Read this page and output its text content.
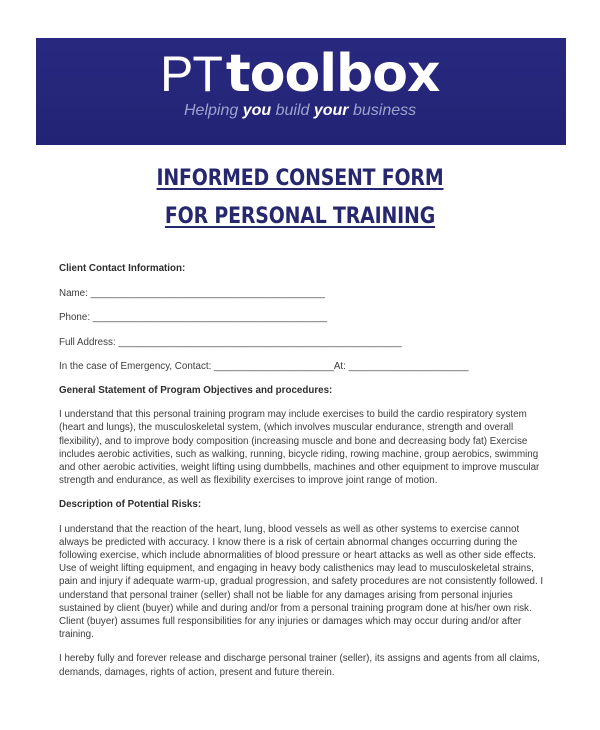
PTtoolbox
Helping you build your business
INFORMED CONSENT FORM
FOR PERSONAL TRAINING

Client Contact Information:

Name: ___________________________________________

Phone: ___________________________________________

Full Address: ____________________________________________________

In the case of Emergency, Contact: ______________________At: ______________________

General Statement of Program Objectives and procedures:

I understand that this personal training program may include exercises to build the cardio respiratory system (heart and lungs), the musculoskeletal system, (which involves muscular endurance, strength and overall flexibility), and to improve body composition (increasing muscle and bone and decreasing body fat) Exercise includes aerobic activities, such as walking, running, bicycle riding, rowing machine, group aerobics, swimming and other aerobic activities, weight lifting using dumbbells, machines and other equipment to improve muscular strength and endurance, as well as flexibility exercises to improve joint range of motion.

Description of Potential Risks:

I understand that the reaction of the heart, lung, blood vessels as well as other systems to exercise cannot always be predicted with accuracy. I know there is a risk of certain abnormal changes occurring during the following exercise, which include abnormalities of blood pressure or heart attacks as well as other side effects. Use of weight lifting equipment, and engaging in heavy body calisthenics may lead to musculoskeletal strains, pain and injury if adequate warm-up, gradual progression, and safety procedures are not consistently followed. I understand that personal trainer (seller) shall not be liable for any damages arising from personal injuries sustained by client (buyer) while and during and/or from a personal training program done at his/her own risk. Client (buyer) assumes full responsibilities for any injuries or damages which may occur during and/or after training.

I hereby fully and forever release and discharge personal trainer (seller), its assigns and agents from all claims, demands, damages, rights of action, present and future therein.
